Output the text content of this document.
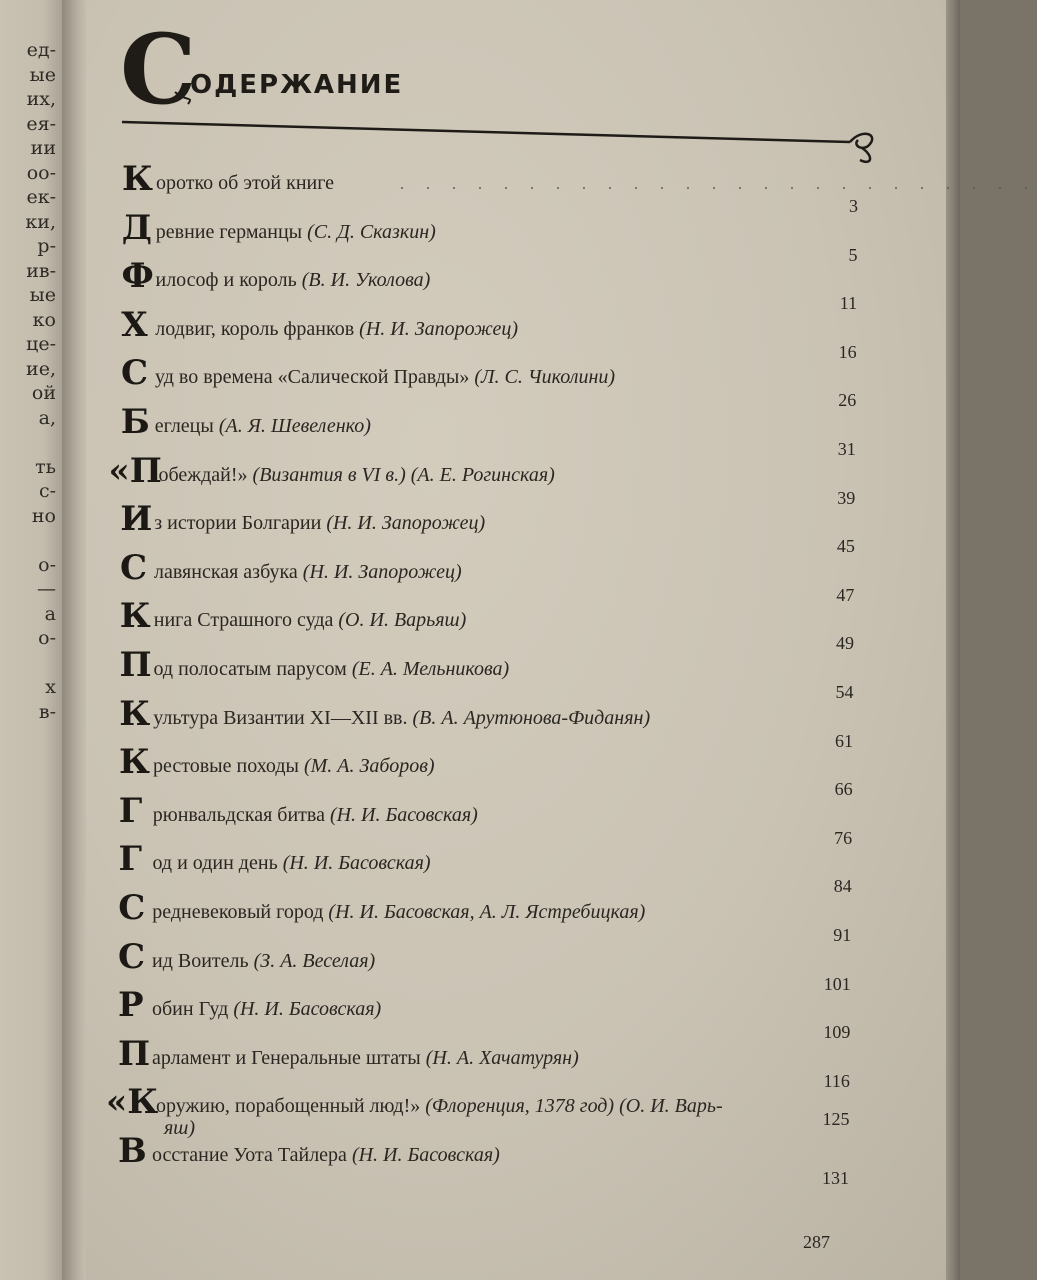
ед-
ые
их,
ея-
ии
оо-
ек-
ки,
р-
ив-
ые
ко
це-
ие,
ой
а,

ть
с-
но

о-
—
а
о-

х
в-
С
ОДЕРЖАНИЕ
К оротко об этой книге
3
. . . . . . . . . . . . . . . . . . . . . . . . .
Д ревние германцы (С. Д. Сказкин)
5
Ф илософ и король (В. И. Уколова)
11
Х лодвиг, король франков (Н. И. Запорожец)
16
С уд во времена «Салической Правды» (Л. С. Чиколини)
26
Б еглецы (А. Я. Шевеленко)
31
«П
обеждай!» (Византия в VI в.) (А. Е. Рогинская)
39
И з истории Болгарии (Н. И. Запорожец)
45
С лавянская азбука (Н. И. Запорожец)
47
К нига Страшного суда (О. И. Варьяш)
49
П од полосатым парусом (Е. А. Мельникова)
54
К ультура Византии XI—XII вв. (В. А. Арутюнова-Фиданян)
61
К рестовые походы (М. А. Заборов)
66
Г рюнвальдская битва (Н. И. Басовская)
76
Г од и один день (Н. И. Басовская)
84
С редневековый город (Н. И. Басовская, А. Л. Ястребицкая)
91
С ид Воитель (З. А. Веселая)
101
Р обин Гуд (Н. И. Басовская)
109
П арламент и Генеральные штаты (Н. А. Хачатурян)
116
«К
оружию, порабощенный люд!» (Флоренция, 1378 год) (О. И. Варь-
яш)	125
В осстание Уота Тайлера (Н. И. Басовская)
131
287
